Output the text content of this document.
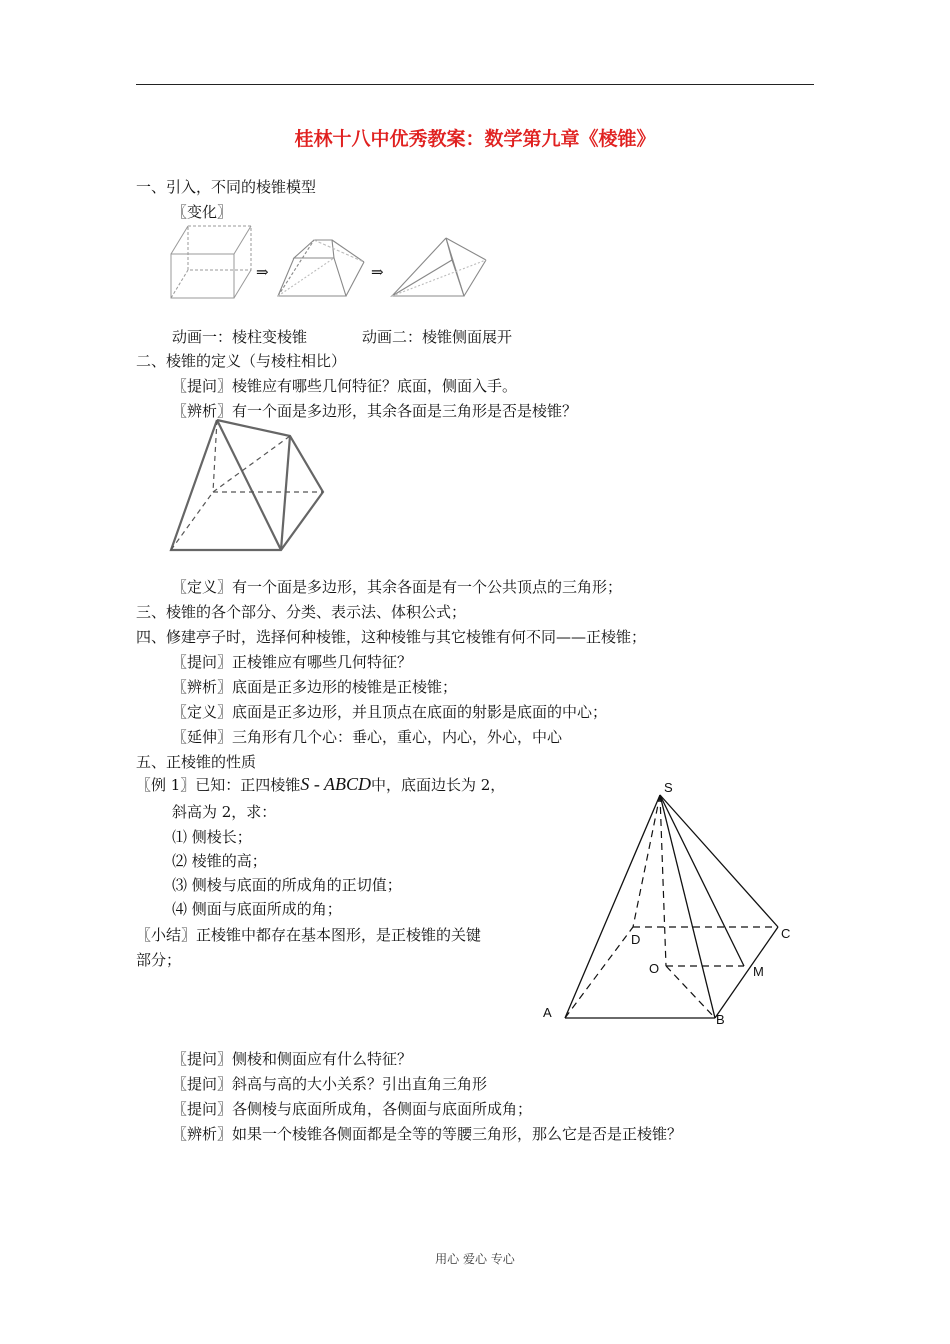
桂林十八中优秀教案：数学第九章《棱锥》
一、引入，不同的棱锥模型
〖变化〗
⇒	⇒
动画一：棱柱变棱锥	动画二：棱锥侧面展开
二、棱锥的定义（与棱柱相比）
〖提问〗棱锥应有哪些几何特征？底面，侧面入手。
〖辨析〗有一个面是多边形，其余各面是三角形是否是棱锥？
〖定义〗有一个面是多边形，其余各面是有一个公共顶点的三角形；
三、棱锥的各个部分、分类、表示法、体积公式；
四、修建亭子时，选择何种棱锥，这种棱锥与其它棱锥有何不同——正棱锥；
〖提问〗正棱锥应有哪些几何特征？
〖辨析〗底面是正多边形的棱锥是正棱锥；
〖定义〗底面是正多边形，并且顶点在底面的射影是底面的中心；
〖延伸〗三角形有几个心：垂心，重心，内心，外心，中心
五、正棱锥的性质
〖例 1〗已知：正四棱锥S - ABCD中，底面边长为 2，
斜高为 2，求：
⑴ 侧棱长；
⑵ 棱锥的高；
⑶ 侧棱与底面的所成角的正切值；
⑷ 侧面与底面所成的角；
〖小结〗正棱锥中都存在基本图形，是正棱锥的关键
部分；
S
A	B
C
D
O	M
〖提问〗侧棱和侧面应有什么特征？
〖提问〗斜高与高的大小关系？引出直角三角形
〖提问〗各侧棱与底面所成角，各侧面与底面所成角；
〖辨析〗如果一个棱锥各侧面都是全等的等腰三角形，那么它是否是正棱锥？
用心 爱心 专心
